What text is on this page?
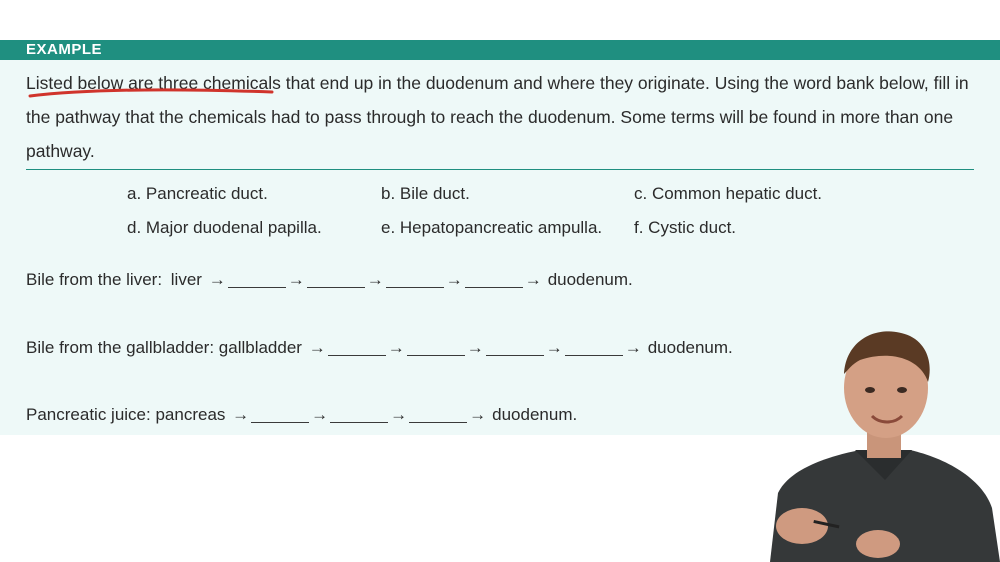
EXAMPLE
Listed below are three chemicals that end up in the duodenum and where they originate. Using the word bank below, fill in the pathway that the chemicals had to pass through to reach the duodenum. Some terms will be found in more than one pathway.
a. Pancreatic duct.	b. Bile duct.	c. Common hepatic duct.
d. Major duodenal papilla.	e. Hepatopancreatic ampulla. f. Cystic duct.
Bile from the liver: liver →	→	→	→	→ duodenum.
Bile from the gallbladder: gallbladder →	→	→	→	→ duodenum.
Pancreatic juice: pancreas →	→	→	→ duodenum.
